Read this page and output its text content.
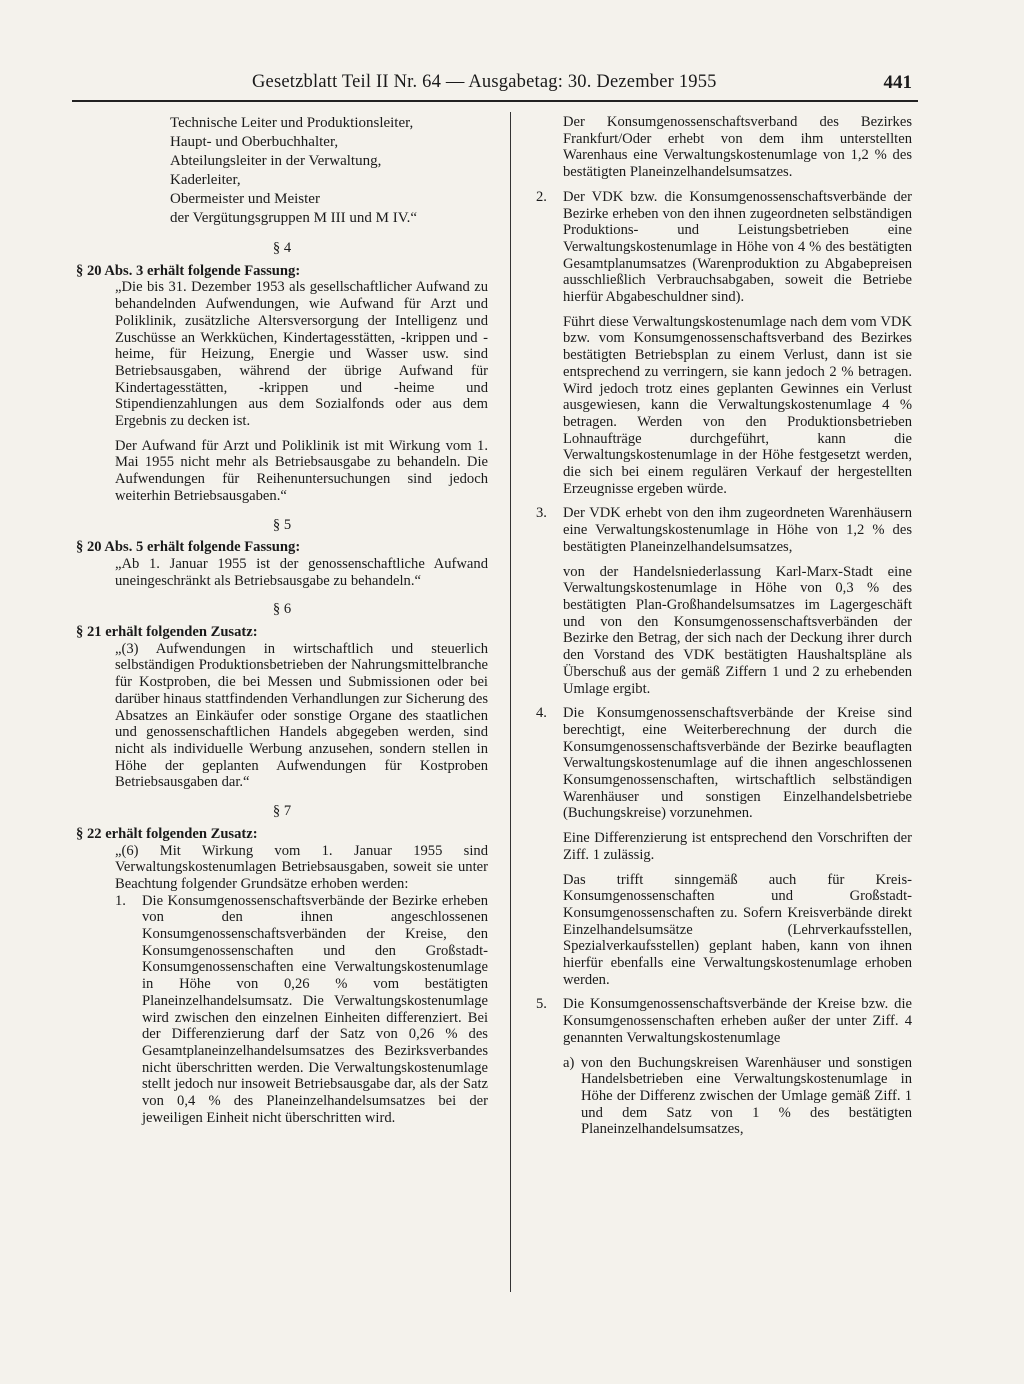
Gesetzblatt Teil II Nr. 64 — Ausgabetag: 30. Dezember 1955	441
Technische Leiter und Produktionsleiter,
Haupt- und Oberbuchhalter,
Abteilungsleiter in der Verwaltung,
Kaderleiter,
Obermeister und Meister
der Vergütungsgruppen M III und M IV.“
§ 4
§ 20 Abs. 3 erhält folgende Fassung:

„Die bis 31. Dezember 1953 als gesellschaftlicher Aufwand zu behandelnden Aufwendungen, wie Aufwand für Arzt und Poliklinik, zusätzliche Altersversorgung der Intelligenz und Zuschüsse an Werkküchen, Kindertagesstätten, -krippen und -heime, für Heizung, Energie und Wasser usw. sind Betriebsausgaben, während der übrige Aufwand für Kindertagesstätten, -krippen und -heime und Stipendienzahlungen aus dem Sozialfonds oder aus dem Ergebnis zu decken ist.

Der Aufwand für Arzt und Poliklinik ist mit Wirkung vom 1. Mai 1955 nicht mehr als Betriebsausgabe zu behandeln. Die Aufwendungen für Reihenuntersuchungen sind jedoch weiterhin Betriebsausgaben.“

§ 5
§ 20 Abs. 5 erhält folgende Fassung:

„Ab 1. Januar 1955 ist der genossenschaftliche Aufwand uneingeschränkt als Betriebsausgabe zu behandeln.“

§ 6
§ 21 erhält folgenden Zusatz:

„(3) Aufwendungen in wirtschaftlich und steuerlich selbständigen Produktionsbetrieben der Nahrungsmittelbranche für Kostproben, die bei Messen und Submissionen oder bei darüber hinaus stattfindenden Verhandlungen zur Sicherung des Absatzes an Einkäufer oder sonstige Organe des staatlichen und genossenschaftlichen Handels abgegeben werden, sind nicht als individuelle Werbung anzusehen, sondern stellen in Höhe der geplanten Aufwendungen für Kostproben Betriebsausgaben dar.“

§ 7
§ 22 erhält folgenden Zusatz:

„(6) Mit Wirkung vom 1. Januar 1955 sind Verwaltungskostenumlagen Betriebsausgaben, soweit sie unter Beachtung folgender Grundsätze erhoben werden:

1. Die Konsumgenossenschaftsverbände der Bezirke erheben von den ihnen angeschlossenen Konsumgenossenschaftsverbänden der Kreise, den Konsumgenossenschaften und den Großstadt-Konsumgenossenschaften eine Verwaltungskostenumlage in Höhe von 0,26 % vom bestätigten Planeinzelhandelsumsatz. Die Verwaltungskostenumlage wird zwischen den einzelnen Einheiten differenziert. Bei der Differenzierung darf der Satz von 0,26 % des Gesamtplaneinzelhandelsumsatzes des Bezirksverbandes nicht überschritten werden. Die Verwaltungskostenumlage stellt jedoch nur insoweit Betriebsausgabe dar, als der Satz von 0,4 % des Planeinzelhandelsumsatzes bei der jeweiligen Einheit nicht überschritten wird.

Der Konsumgenossenschaftsverband des Bezirkes Frankfurt/Oder erhebt von dem ihm unterstellten Warenhaus eine Verwaltungskostenumlage von 1,2 % des bestätigten Planeinzelhandelsumsatzes.

2. Der VDK bzw. die Konsumgenossenschaftsverbände der Bezirke erheben von den ihnen zugeordneten selbständigen Produktions- und Leistungsbetrieben eine Verwaltungskostenumlage in Höhe von 4 % des bestätigten Gesamtplanumsatzes (Warenproduktion zu Abgabepreisen ausschließlich Verbrauchsabgaben, soweit die Betriebe hierfür Abgabeschuldner sind).

Führt diese Verwaltungskostenumlage nach dem vom VDK bzw. vom Konsumgenossenschaftsverband des Bezirkes bestätigten Betriebsplan zu einem Verlust, dann ist sie entsprechend zu verringern, sie kann jedoch 2 % betragen. Wird jedoch trotz eines geplanten Gewinnes ein Verlust ausgewiesen, kann die Verwaltungskostenumlage 4 % betragen. Werden von den Produktionsbetrieben Lohnaufträge durchgeführt, kann die Verwaltungskostenumlage in der Höhe festgesetzt werden, die sich bei einem regulären Verkauf der hergestellten Erzeugnisse ergeben würde.

3. Der VDK erhebt von den ihm zugeordneten Warenhäusern eine Verwaltungskostenumlage in Höhe von 1,2 % des bestätigten Planeinzelhandelsumsatzes,

von der Handelsniederlassung Karl-Marx-Stadt eine Verwaltungskostenumlage in Höhe von 0,3 % des bestätigten Plan-Großhandelsumsatzes im Lagergeschäft und von den Konsumgenossenschaftsverbänden der Bezirke den Betrag, der sich nach der Deckung ihrer durch den Vorstand des VDK bestätigten Haushaltspläne als Überschuß aus der gemäß Ziffern 1 und 2 zu erhebenden Umlage ergibt.

4. Die Konsumgenossenschaftsverbände der Kreise sind berechtigt, eine Weiterberechnung der durch die Konsumgenossenschaftsverbände der Bezirke beauflagten Verwaltungskostenumlage auf die ihnen angeschlossenen Konsumgenossenschaften, wirtschaftlich selbständigen Warenhäuser und sonstigen Einzelhandelsbetriebe (Buchungskreise) vorzunehmen.

Eine Differenzierung ist entsprechend den Vorschriften der Ziff. 1 zulässig.

Das trifft sinngemäß auch für Kreis-Konsumgenossenschaften und Großstadt-Konsumgenossenschaften zu. Sofern Kreisverbände direkt Einzelhandelsumsätze (Lehrverkaufsstellen, Spezialverkaufsstellen) geplant haben, kann von ihnen hierfür ebenfalls eine Verwaltungskostenumlage erhoben werden.

5. Die Konsumgenossenschaftsverbände der Kreise bzw. die Konsumgenossenschaften erheben außer der unter Ziff. 4 genannten Verwaltungskostenumlage

a) von den Buchungskreisen Warenhäuser und sonstigen Handelsbetrieben eine Verwaltungskostenumlage in Höhe der Differenz zwischen der Umlage gemäß Ziff. 1 und dem Satz von 1 % des bestätigten Planeinzelhandelsumsatzes,
